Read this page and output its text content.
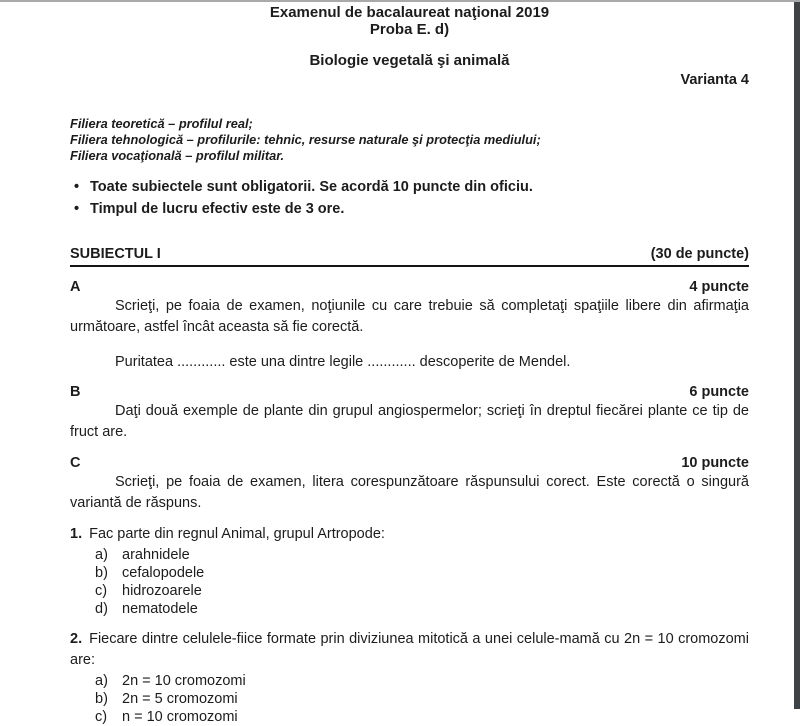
Examenul de bacalaureat naţional 2019
Proba E. d)
Biologie vegetală şi animală
Varianta 4
Filiera teoretică – profilul real;
Filiera tehnologică – profilurile: tehnic, resurse naturale şi protecţia mediului;
Filiera vocaţională – profilul militar.
• Toate subiectele sunt obligatorii. Se acordă 10 puncte din oficiu.
• Timpul de lucru efectiv este de 3 ore.
SUBIECTUL I	(30 de puncte)
A	4 puncte

Scrieţi, pe foaia de examen, noţiunile cu care trebuie să completaţi spaţiile libere din afirmaţia următoare, astfel încât aceasta să fie corectă.

Puritatea ............ este una dintre legile ............ descoperite de Mendel.

B	6 puncte

Daţi două exemple de plante din grupul angiospermelor; scrieţi în dreptul fiecărei plante ce tip de fruct are.

C	10 puncte

Scrieţi, pe foaia de examen, litera corespunzătoare răspunsului corect. Este corectă o singură variantă de răspuns.

1. Fac parte din regnul Animal, grupul Artropode:

a) arahnidele
b) cefalopodele
c)	hidrozoarele
d) nematodele

2. Fiecare dintre celulele-fiice formate prin diviziunea mitotică a unei celule-mamă cu 2n = 10 cromozomi are:

a) 2n = 10 cromozomi
b) 2n = 5 cromozomi
c)	n = 10 cromozomi
